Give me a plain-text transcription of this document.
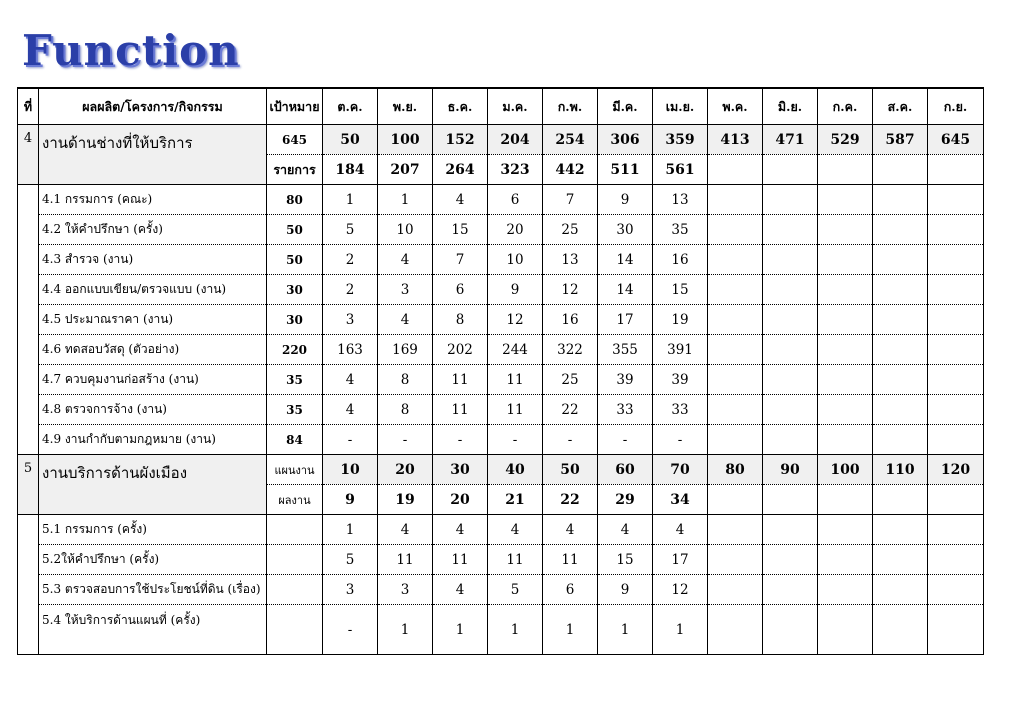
Function
ที่	ผลผลิต/โครงการ/กิจกรรม	เป้าหมาย	ต.ค.	พ.ย.	ธ.ค.	ม.ค.	ก.พ.	มี.ค.	เม.ย.	พ.ค.	มิ.ย.	ก.ค.	ส.ค.	ก.ย.
4	งานด้านช่างที่ให้บริการ	645	50	100	152	204	254	306	359	413	471	529	587	645
		รายการ	184	207	264	323	442	511	561					
	4.1 กรรมการ (คณะ)	80	1	1	4	6	7	9	13					
	4.2 ให้คำปรึกษา (ครั้ง)	50	5	10	15	20	25	30	35					
	4.3 สำรวจ (งาน)	50	2	4	7	10	13	14	16					
	4.4 ออกแบบเขียน/ตรวจแบบ (งาน)	30	2	3	6	9	12	14	15					
	4.5 ประมาณราคา (งาน)	30	3	4	8	12	16	17	19					
	4.6 ทดสอบวัสดุ (ตัวอย่าง)	220	163	169	202	244	322	355	391					
	4.7 ควบคุมงานก่อสร้าง (งาน)	35	4	8	11	11	25	39	39					
	4.8 ตรวจการจ้าง (งาน)	35	4	8	11	11	22	33	33					
	4.9 งานกำกับตามกฎหมาย (งาน)	84	-	-	-	-	-	-	-					
5	งานบริการด้านผังเมือง	แผนงาน	10	20	30	40	50	60	70	80	90	100	110	120
		ผลงาน	9	19	20	21	22	29	34					
	5.1 กรรมการ (ครั้ง)		1	4	4	4	4	4	4					
	5.2ให้คำปรึกษา (ครั้ง)		5	11	11	11	11	15	17					
	5.3 ตรวจสอบการใช้ประโยชน์ที่ดิน (เรื่อง)		3	3	4	5	6	9	12					
	5.4 ให้บริการด้านแผนที่ (ครั้ง)		-	1	1	1	1	1	1					
